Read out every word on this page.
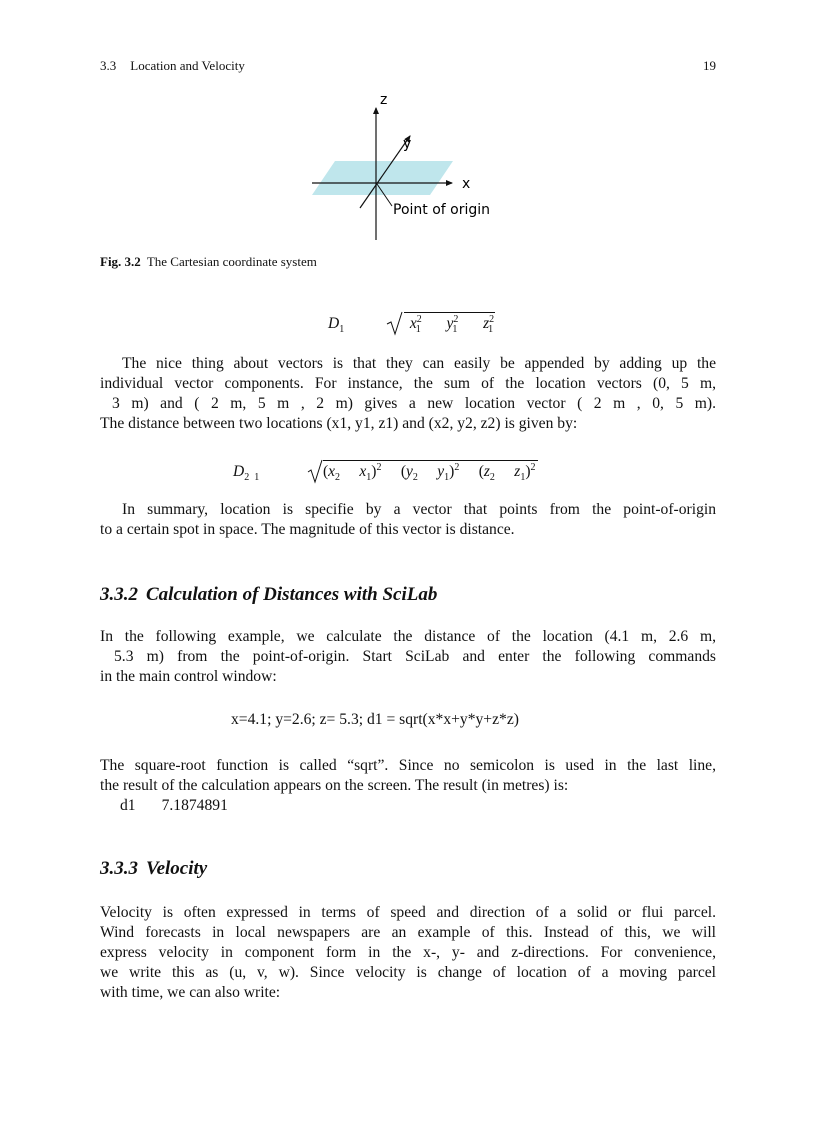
3.3 Location and Velocity	19
z
y
x
Point of origin
Fig. 3.2 The Cartesian coordinate system
$D_1$	$x^2_1$ $y^2_1$ $z^2_1$
The nice thing about vectors is that they can easily be appended by adding up the
individual vector components. For instance, the sum of the location vectors (0, 5 m,
3 m) and ( 2 m, 5 m , 2 m) gives a new location vector ( 2 m , 0, 5 m).
The distance between two locations (x1, y1, z1) and (x2, y2, z2) is given by:
$D_{2 1}$	($x_2$     $x_1)^2$ ($y_2$     $y_1)^2$ ($z_2$     $z_1)^2$
In summary, location is specifie by a vector that points from the point-of-origin
to a certain spot in space. The magnitude of this vector is distance.
3.3.2 Calculation of Distances with SciLab
In the following example, we calculate the distance of the location (4.1 m, 2.6 m,
5.3 m) from the point-of-origin. Start SciLab and enter the following commands
in the main control window:
x=4.1; y=2.6; z= 5.3; d1 = sqrt(x*x+y*y+z*z)
The square-root function is called “sqrt”. Since no semicolon is used in the last line,
the result of the calculation appears on the screen. The result (in metres) is:
d1 7.1874891
3.3.3 Velocity
Velocity is often expressed in terms of speed and direction of a solid or flui parcel.
Wind forecasts in local newspapers are an example of this. Instead of this, we will
express velocity in component form in the x-, y- and z-directions. For convenience,
we write this as (u, v, w). Since velocity is change of location of a moving parcel
with time, we can also write:
